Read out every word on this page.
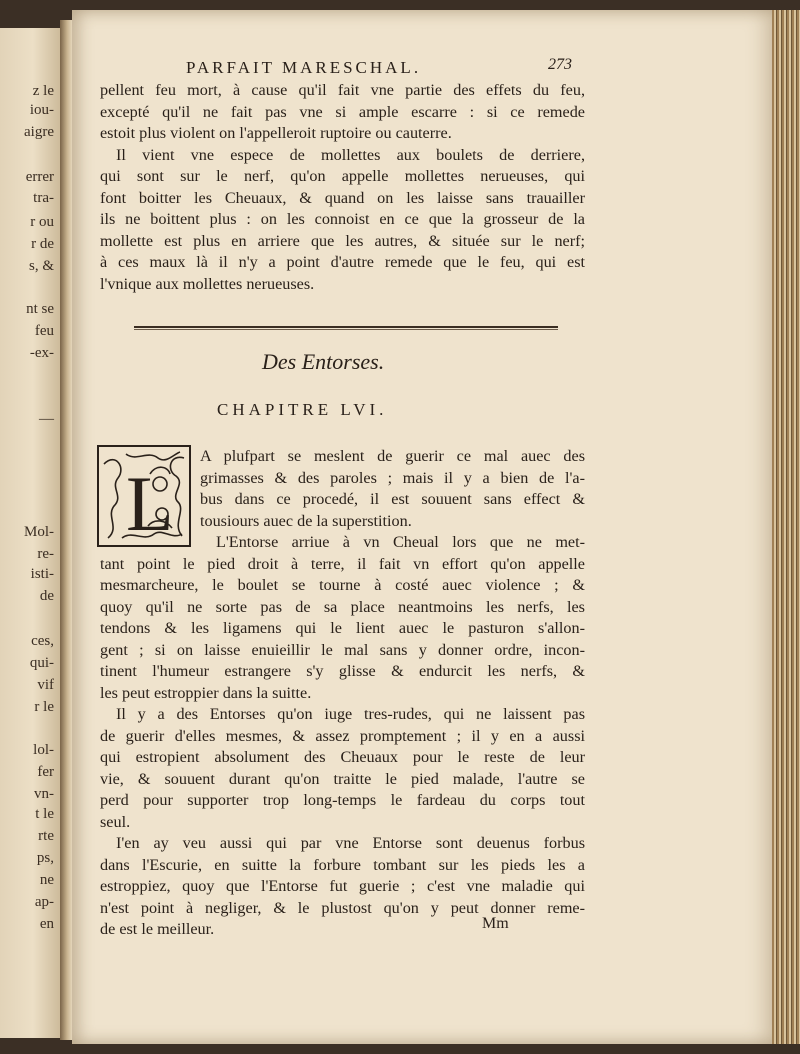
z le
iou-
aigre
errer
tra-
r ou
r de
s, &
nt se
feu
-ex-
—
Mol-
re-
isti-
de
ces,
qui-
vif
r le
lol-
fer
vn-
t le
rte
ps,
ne
ap-
en
PARFAIT MARESCHAL.	273
pellent feu mort, à cause qu'il fait vne partie des effets du feu,
excepté qu'il ne fait pas vne si ample escarre : si ce remede
estoit plus violent on l'appelleroit ruptoire ou cauterre.
Il vient vne espece de mollettes aux boulets de derriere,
qui sont sur le nerf, qu'on appelle mollettes nerueuses, qui
font boitter les Cheuaux, & quand on les laisse sans trauailler
ils ne boittent plus : on les connoist en ce que la grosseur de la
mollette est plus en arriere que les autres, & située sur le nerf;
à ces maux là il n'y a point d'autre remede que le feu, qui est
l'vnique aux mollettes nerueuses.
Des Entorses.
CHAPITRE LVI.
L
A plufpart se meslent de guerir ce mal auec des
grimasses & des paroles ; mais il y a bien de l'a-
bus dans ce procedé, il est souuent sans effect &
tousiours auec de la superstition.
L'Entorse arriue à vn Cheual lors que ne met-
tant point le pied droit à terre, il fait vn effort qu'on appelle
mesmarcheure, le boulet se tourne à costé auec violence ; &
quoy qu'il ne sorte pas de sa place neantmoins les nerfs, les
tendons & les ligamens qui le lient auec le pasturon s'allon-
gent ; si on laisse enuieillir le mal sans y donner ordre, incon-
tinent l'humeur estrangere s'y glisse & endurcit les nerfs, &
les peut estroppier dans la suitte.
Il y a des Entorses qu'on iuge tres-rudes, qui ne laissent pas
de guerir d'elles mesmes, & assez promptement ; il y en a aussi
qui estropient absolument des Cheuaux pour le reste de leur
vie, & souuent durant qu'on traitte le pied malade, l'autre se
perd pour supporter trop long-temps le fardeau du corps tout
seul.
I'en ay veu aussi qui par vne Entorse sont deuenus forbus
dans l'Escurie, en suitte la forbure tombant sur les pieds les a
estroppiez, quoy que l'Entorse fut guerie ; c'est vne maladie qui
n'est point à negliger, & le plustost qu'on y peut donner reme-
de est le meilleur.	Mm
